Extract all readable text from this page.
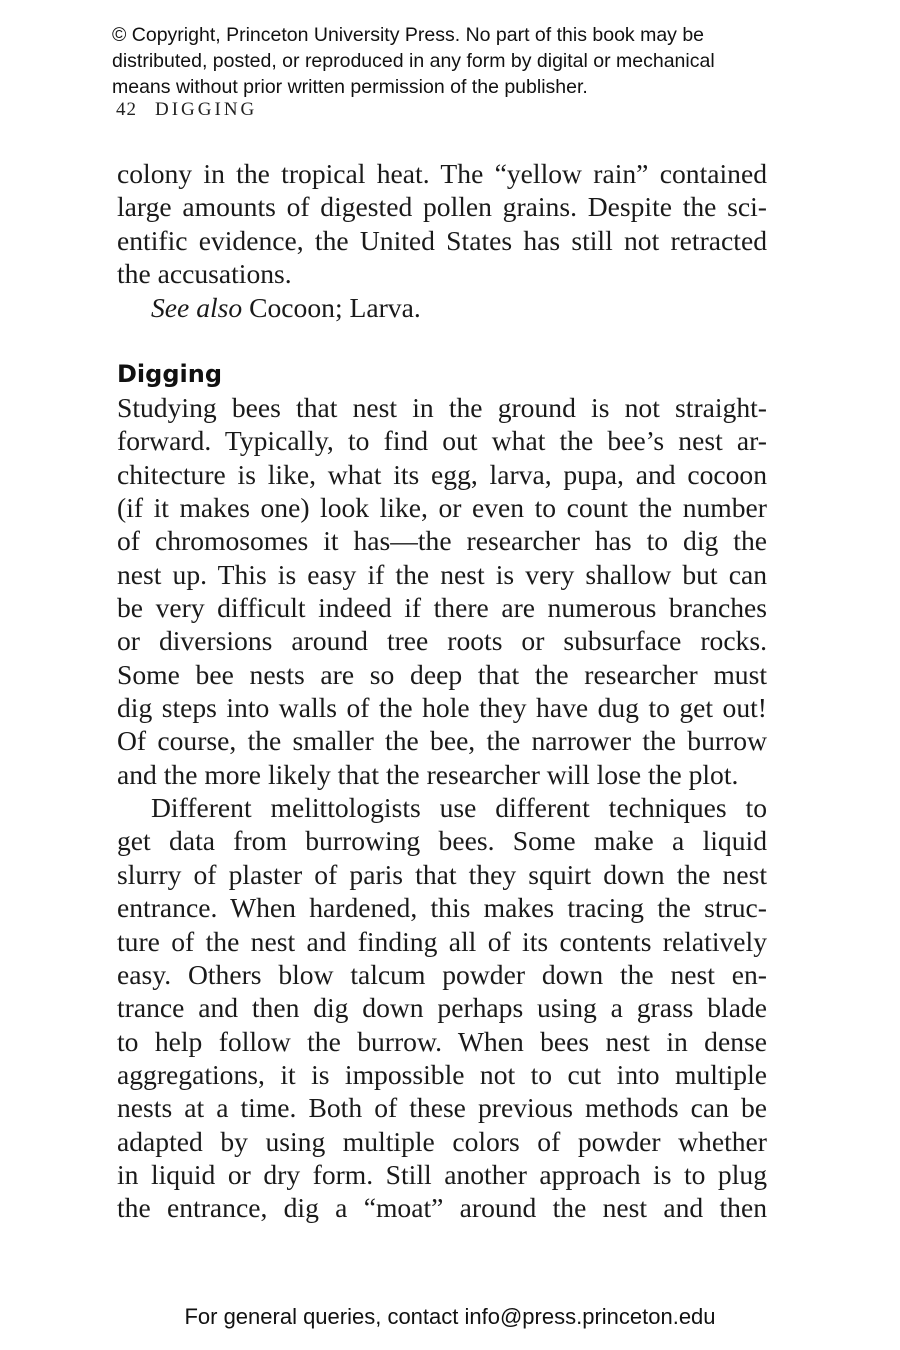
© Copyright, Princeton University Press. No part of this book may be
distributed, posted, or reproduced in any form by digital or mechanical
means without prior written permission of the publisher.
42 DIGGING
colony in the tropical heat. The “yellow rain” contained
large amounts of digested pollen grains. Despite the sci-
entific evidence, the United States has still not retracted
the accusations.
See also Cocoon; Larva.
Digging
Studying bees that nest in the ground is not straight-
forward. Typically, to find out what the bee’s nest ar-
chitecture is like, what its egg, larva, pupa, and cocoon
(if it makes one) look like, or even to count the number
of chromosomes it has—the researcher has to dig the
nest up. This is easy if the nest is very shallow but can
be very difficult indeed if there are numerous branches
or diversions around tree roots or subsurface rocks.
Some bee nests are so deep that the researcher must
dig steps into walls of the hole they have dug to get out!
Of course, the smaller the bee, the narrower the burrow
and the more likely that the researcher will lose the plot.
Different melittologists use different techniques to
get data from burrowing bees. Some make a liquid
slurry of plaster of paris that they squirt down the nest
entrance. When hardened, this makes tracing the struc-
ture of the nest and finding all of its contents relatively
easy. Others blow talcum powder down the nest en-
trance and then dig down perhaps using a grass blade
to help follow the burrow. When bees nest in dense
aggregations, it is impossible not to cut into multiple
nests at a time. Both of these previous methods can be
adapted by using multiple colors of powder whether
in liquid or dry form. Still another approach is to plug
the entrance, dig a “moat” around the nest and then
For general queries, contact info@press.princeton.edu
